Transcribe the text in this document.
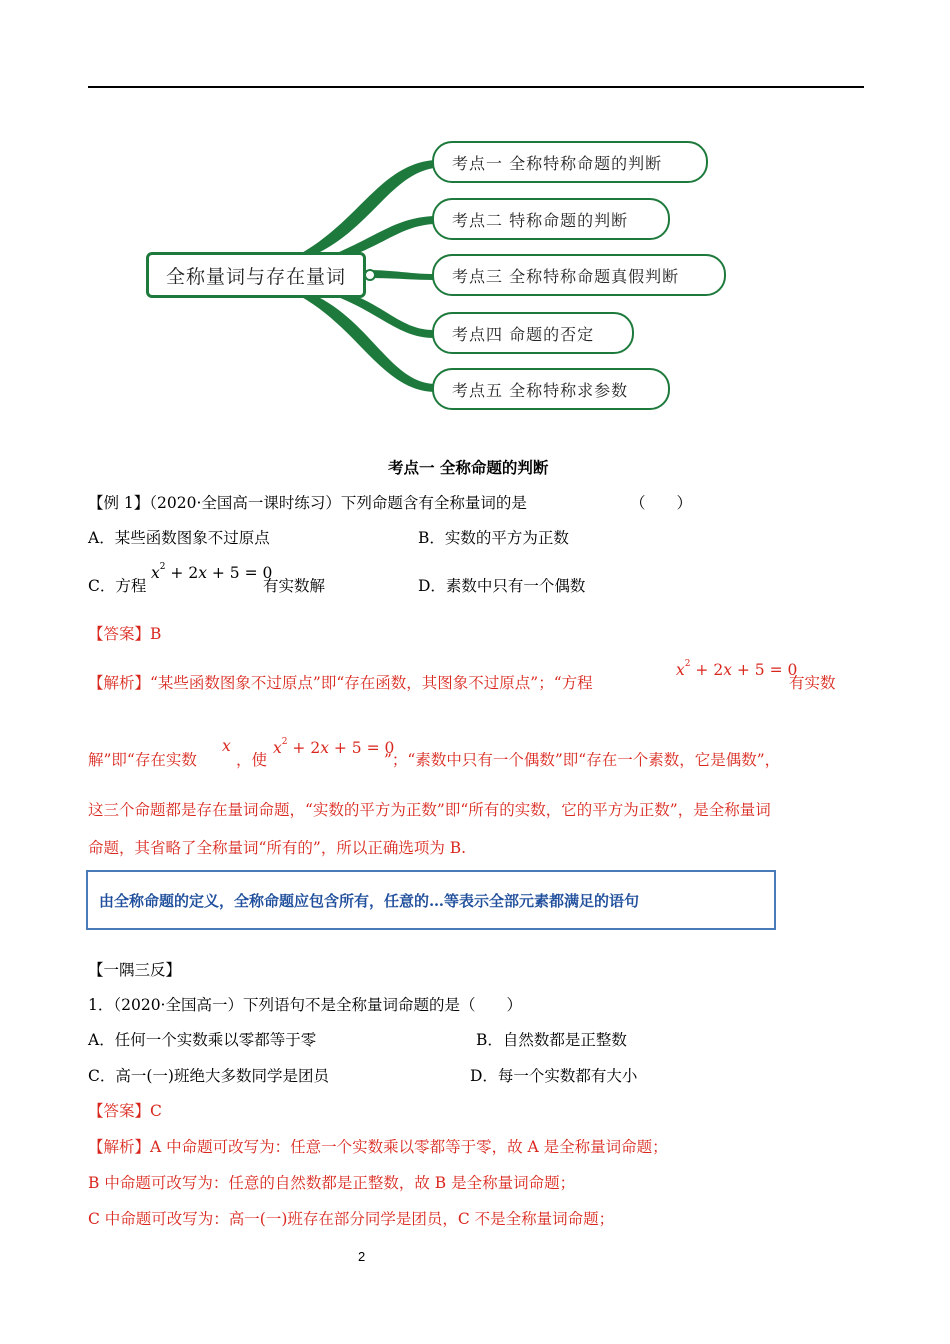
全称量词与存在量词
考点一 全称特称命题的判断
考点二 特称命题的判断
考点三 全称特称命题真假判断
考点四 命题的否定
考点五 全称特称求参数
考点一 全称命题的判断
【例 1】（2020·全国高一课时练习）下列命题含有全称量词的是	（　　）
A．某些函数图象不过原点	B．实数的平方为正数
C．方程
$x^2 + 2x + 5 = 0$
有实数解	D．素数中只有一个偶数
【答案】B
【解析】“某些函数图象不过原点”即“存在函数，其图象不过原点”；“方程
$x^2 + 2x + 5 = 0$
有实数
解”即“存在实数
x
，使
$x^2 + 2x + 5 = 0$
”；“素数中只有一个偶数”即“存在一个素数，它是偶数”，
这三个命题都是存在量词命题，“实数的平方为正数”即“所有的实数，它的平方为正数”，是全称量词
命题，其省略了全称量词“所有的”，所以正确选项为 B.
由全称命题的定义，全称命题应包含所有，任意的…等表示全部元素都满足的语句
【一隅三反】
1．（2020·全国高一）下列语句不是全称量词命题的是（　　）
A．任何一个实数乘以零都等于零	B．自然数都是正整数
C．高一(一)班绝大多数同学是团员	D．每一个实数都有大小
【答案】C
【解析】A 中命题可改写为：任意一个实数乘以零都等于零，故 A 是全称量词命题；
B 中命题可改写为：任意的自然数都是正整数，故 B 是全称量词命题；
C 中命题可改写为：高一(一)班存在部分同学是团员，C 不是全称量词命题；
2
